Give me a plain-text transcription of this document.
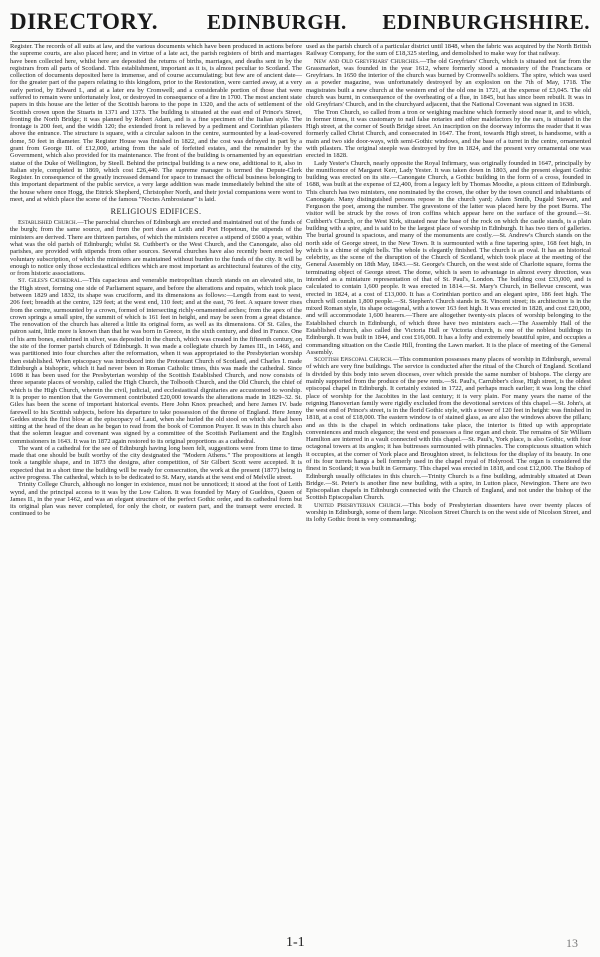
DIRECTORY. EDINBURGH. EDINBURGHSHIRE.

Register. The records of all suits at law, and the various documents which have been produced in actions before the supreme courts, are also placed here; and in virtue of a late act, the parish registers of birth and marriages have been collected here, whilst here are deposited the returns of births, marriages, and deaths sent in by the registrars from all parts of Scotland. This establishment, important as it is, is almost peculiar to Scotland. The collection of documents deposited here is immense, and of course accumulating; but few are of ancient date—for the greater part of the papers relating to this kingdom, prior to the Restoration, were carried away, at a very early period, by Edward I., and at a later era by Cromwell; and a considerable portion of those that were suffered to remain were unfortunately lost, or destroyed in consequence of a fire in 1700. The most ancient state papers in this house are the letter of the Scottish barons to the pope in 1320, and the acts of settlement of the Scottish crown upon the Stuarts in 1371 and 1373. The building is situated at the east end of Prince's Street, fronting the North Bridge; it was planned by Robert Adam, and is a fine specimen of the Italian style. The frontage is 200 feet, and the width 120; the extended front is relieved by a pediment and Corinthian pilasters above the entrance. The structure is square, with a circular saloon in the centre, surmounted by a lead-covered dome, 50 feet in diameter. The Register House was finished in 1822, and the cost was defrayed in part by a grant from George III. of £12,000, arising from the sale of forfeited estates, and the remainder by the Government, which also provided for its maintenance. The front of the building is ornamented by an equestrian statue of the Duke of Wellington, by Steell. Behind the principal building is a new one, additional to it, also in Italian style, completed in 1869, which cost £26,440. The supreme manager is termed the Depute-Clerk Register. In consequence of the greatly increased demand for space to transact the official business belonging to this important department of the public service, a very large addition was made immediately behind the site of the house where once Hogg, the Ettrick Shepherd, Christopher North, and their jovial companions were wont to meet, and at which place the scene of the famous "Noctes Ambrosianæ" is laid.

RELIGIOUS EDIFICES.

Established Church.—The parochial churches of Edinburgh are erected and maintained out of the funds of the burgh; from the same source, and from the port dues at Leith and Port Hopetoun, the stipends of the ministers are derived. There are thirteen parishes, of which the ministers receive a stipend of £600 a year, within what was the old parish of Edinburgh; whilst St. Cuthbert's or the West Church, and the Canongate, also old parishes, are provided with stipends from other sources. Several churches have also recently been erected by voluntary subscription, of which the ministers are maintained without burden to the funds of the city. It will be enough to notice only those ecclesiastical edifices which are most important as architectural features of the city, or from historic associations.

St. Giles's Cathedral.—This capacious and venerable metropolitan church stands on an elevated site, in the High street, forming one side of Parliament square, and before the alterations and repairs, which took place between 1829 and 1832, its shape was cruciform, and its dimensions as follows:—Length from east to west, 206 feet; breadth at the centre, 129 feet; at the west end, 110 feet; and at the east, 76 feet. A square tower rises from the centre, surmounted by a crown, formed of intersecting richly-ornamented arches; from the apex of the crown springs a small spire, the summit of which is 161 feet in height, and may be seen from a great distance. The renovation of the church has altered a little its original form, as well as its dimensions. Of St. Giles, the patron saint, little more is known than that he was born in Greece, in the sixth century, and died in France. One of his arm bones, enshrined in silver, was deposited in the church, which was created in the fifteenth century, on the site of the former parish church of Edinburgh. It was made a collegiate church by James III., in 1466, and was partitioned into four churches after the reformation, when it was appropriated to the Presbyterian worship then established. When episcopacy was introduced into the Protestant Church of Scotland, and Charles I. made Edinburgh a bishopric, which it had never been in Roman Catholic times, this was made the cathedral. Since 1698 it has been used for the Presbyterian worship of the Scottish Established Church, and now consists of three separate places of worship, called the High Church, the Tolbooth Church, and the Old Church, the chief of which is the High Church, wherein the civil, judicial, and ecclesiastical dignitaries are accustomed to worship. It is proper to mention that the Government contributed £20,000 towards the alterations made in 1829–32. St. Giles has been the scene of important historical events. Here John Knox preached; and here James IV. bade farewell to his Scottish subjects, before his departure to take possession of the throne of England. Here Jenny Geddes struck the first blow at the episcopacy of Laud, when she hurled the old stool on which she had been sitting at the head of the dean as he began to read from the book of Common Prayer. It was in this church also that the solemn league and covenant was signed by a committee of the Scottish Parliament and the English commissioners in 1643. It was in 1872 again restored to its original proportions as a cathedral.

The want of a cathedral for the see of Edinburgh having long been felt, suggestions were from time to time made that one should be built worthy of the city designated the "Modern Athens." The propositions at length took a tangible shape, and in 1873 the designs, after competition, of Sir Gilbert Scott were accepted. It is expected that in a short time the building will be ready for consecration, the work at the present (1877) being in active progress. The cathedral, which is to be dedicated to St. Mary, stands at the west end of Melville street.

Trinity College Church, although no longer in existence, must not be unnoticed; it stood at the foot of Leith wynd, and the principal access to it was by the Low Calton. It was founded by Mary of Gueldres, Queen of James II., in the year 1462, and was an elegant structure of the perfect Gothic order, and its cathedral form but its original plan was never completed, for only the choir, or eastern part, and the transept were erected. It continued to be

used as the parish church of a particular district until 1848, when the fabric was acquired by the North British Railway Company, for the sum of £18,325 sterling, and demolished to make way for that railway.

New and Old Greyfriars' Churches.—The old Greyfriars' Church, which is situated not far from the Grassmarket, was founded in the year 1612, where formerly stood a monastery of the Franciscans or Greyfriars. In 1650 the interior of the church was burned by Cromwell's soldiers. The spire, which was used as a powder magazine, was unfortunately destroyed by an explosion on the 7th of May, 1718. The magistrates built a new church at the western end of the old one in 1721, at the expense of £3,045. The old church was burnt, in consequence of the overheating of a flue, in 1845, but has since been rebuilt. It was in old Greyfriars' Church, and in the churchyard adjacent, that the National Covenant was signed in 1638.

The Tron Church, so called from a tron or weighing machine which formerly stood near it, and to which, in former times, it was customary to nail false notaries and other malefactors by the ears, is situated in the High street, at the corner of South Bridge street. An inscription on the doorway informs the reader that it was formerly called Christ Church, and consecrated in 1647. The front, towards High street, is handsome, with a main and two side door-ways, with semi-Gothic windows, and the base of a turret in the centre, ornamented with pilasters. The original steeple was destroyed by fire in 1824, and the present very ornamental one was erected in 1828.

Lady Yester's Church, nearly opposite the Royal Infirmary, was originally founded in 1647, principally by the munificence of Margaret Kerr, Lady Yester. It was taken down in 1803, and the present elegant Gothic building was erected on its site.—Canongate Church, a Gothic building in the form of a cross, founded in 1688, was built at the expense of £2,400, from a legacy left by Thomas Moodie, a pious citizen of Edinburgh. This church has two ministers, one nominated by the crown, the other by the town council and inhabitants of Canongate. Many distinguished persons repose in the church yard; Adam Smith, Dugald Stewart, and Ferguson the poet, among the number. The gravestone of the latter was placed here by the poet Burns. The visitor will be struck by the rows of iron coffins which appear here on the surface of the ground.—St. Cuthbert's Church, or the West Kirk, situated near the base of the rock on which the castle stands, is a plain building with a spire, and is said to be the largest place of worship in Edinburgh. It has two tiers of galleries. The burial ground is spacious, and many of the monuments are costly.—St. Andrew's Church stands on the north side of George street, in the New Town. It is surmounted with a fine tapering spire, 168 feet high, in which is a chime of eight bells. The whole is elegantly finished. The church is an oval. It has an historical celebrity, as the scene of the disruption of the Church of Scotland, which took place at the meeting of the General Assembly on 18th May, 1843.—St. George's Church, on the west side of Charlotte square, forms the terminating object of George street. The dome, which is seen to advantage in almost every direction, was intended as a miniature representation of that of St. Paul's, London. The building cost £33,000, and is calculated to contain 1,600 people. It was erected in 1814.—St. Mary's Church, in Bellevue crescent, was erected in 1824, at a cost of £13,000. It has a Corinthian portico and an elegant spire, 186 feet high. The church will contain 1,800 people.—St. Stephen's Church stands in St. Vincent street; its architecture is in the mixed Roman style, its shape octagonal, with a tower 163 feet high. It was erected in 1828, and cost £20,000, and will accommodate 1,600 hearers.—There are altogether twenty-six places of worship belonging to the Established church in Edinburgh, of which three have two ministers each.—The Assembly Hall of the Established church, also called the Victoria Hall or Victoria church, is one of the noblest buildings in Edinburgh. It was built in 1844, and cost £16,000. It has a lofty and extremely beautiful spire, and occupies a commanding situation on the Castle Hill, fronting the Lawn market. It is the place of meeting of the General Assembly.

Scottish Episcopal Church.—This communion possesses many places of worship in Edinburgh, several of which are very fine buildings. The service is conducted after the ritual of the Church of England. Scotland is divided by this body into seven dioceses, over which preside the same number of bishops. The clergy are mainly supported from the produce of the pew rents.—St. Paul's, Carrubber's close, High street, is the oldest episcopal chapel in Edinburgh. It certainly existed in 1722, and perhaps much earlier; it was long the chief place of worship for the Jacobites in the last century; it is very plain. For many years the name of the reigning Hanoverian family were rigidly excluded from the devotional services of this chapel.—St. John's, at the west end of Prince's street, is in the florid Gothic style, with a tower of 120 feet in height: was finished in 1818, at a cost of £18,000. The eastern window is of stained glass, as are also the windows above the pillars; and as this is the chapel in which ordinations take place, the interior is fitted up with appropriate conveniences and much elegance; the west end possesses a fine organ and choir. The remains of Sir William Hamilton are interred in a vault connected with this chapel.—St. Paul's, York place, is also Gothic, with four octagonal towers at its angles; it has buttresses surmounted with pinnacles. The conspicuous situation which it occupies, at the corner of York place and Broughton street, is felicitous for the display of its beauty. In one of its four turrets hangs a bell formerly used in the chapel royal of Holyrood. The organ is considered the finest in Scotland; it was built in Germany. This chapel was erected in 1818, and cost £12,000. The Bishop of Edinburgh usually officiates in this church.—Trinity Church is a fine building, admirably situated at Dean Bridge.—St. Peter's is another fine new building, with a spire, in Lutton place, Newington. There are two Episcopalian chapels in Edinburgh connected with the Church of England, and not under the bishop of the Scottish Episcopalian Church.

United Presbyterian Church.—This body of Presbyterian dissenters have over twenty places of worship in Edinburgh, some of them large. Nicolson Street Church is on the west side of Nicolson Street, and its lofty Gothic front is very commanding;

1-1	13
